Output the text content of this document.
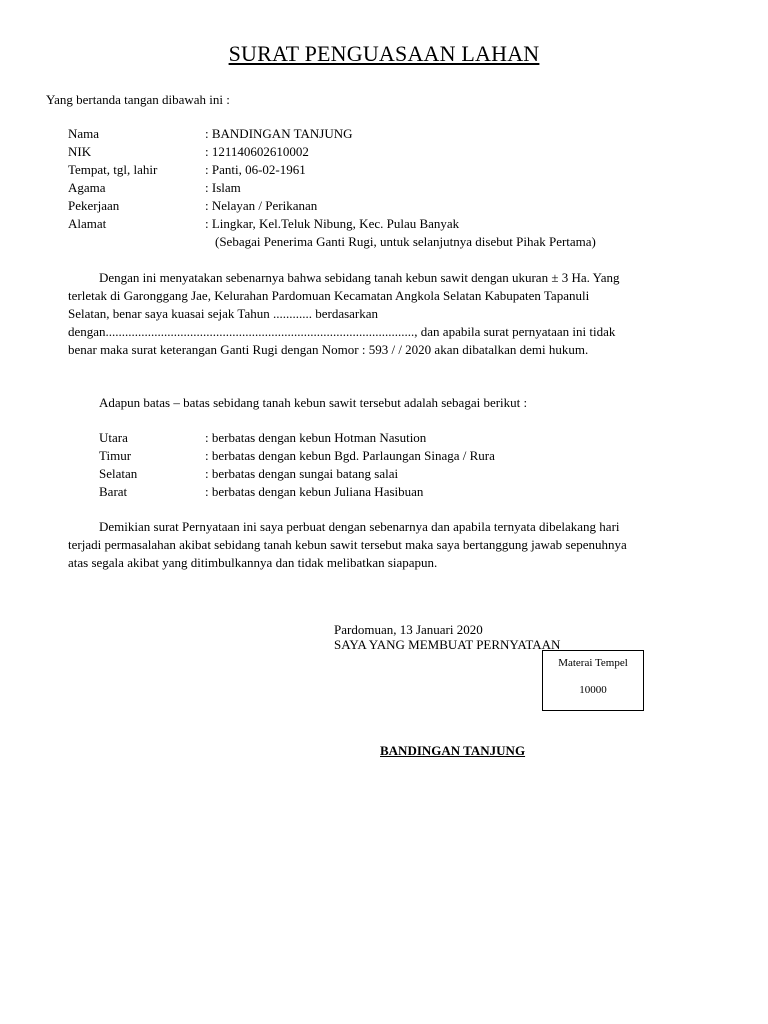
SURAT PENGUASAAN LAHAN
Yang bertanda tangan dibawah ini :
Nama	: BANDINGAN TANJUNG
NIK	: 121140602610002
Tempat, tgl, lahir	: Panti, 06-02-1961
Agama	: Islam
Pekerjaan	: Nelayan / Perikanan
Alamat	: Lingkar, Kel.Teluk Nibung, Kec. Pulau Banyak
(Sebagai Penerima Ganti Rugi, untuk selanjutnya disebut Pihak Pertama)
Dengan ini menyatakan sebenarnya bahwa sebidang tanah kebun sawit dengan ukuran ± 3 Ha. Yang
terletak di Garonggang Jae, Kelurahan Pardomuan Kecamatan Angkola Selatan Kabupaten Tapanuli
Selatan, benar saya kuasai sejak Tahun ............ berdasarkan
dengan..............................................................................................., dan apabila surat pernyataan ini tidak
benar maka surat keterangan Ganti Rugi dengan Nomor : 593 / / 2020 akan dibatalkan demi hukum.
Adapun batas – batas sebidang tanah kebun sawit tersebut adalah sebagai berikut :
Utara	: berbatas dengan kebun Hotman Nasution
Timur	: berbatas dengan kebun Bgd. Parlaungan Sinaga / Rura
Selatan	: berbatas dengan sungai batang salai
Barat	: berbatas dengan kebun Juliana Hasibuan
Demikian surat Pernyataan ini saya perbuat dengan sebenarnya dan apabila ternyata dibelakang hari
terjadi permasalahan akibat sebidang tanah kebun sawit tersebut maka saya bertanggung jawab sepenuhnya
atas segala akibat yang ditimbulkannya dan tidak melibatkan siapapun.
Pardomuan, 13 Januari 2020
SAYA YANG MEMBUAT PERNYATAAN
Materai Tempel
10000
BANDINGAN TANJUNG
